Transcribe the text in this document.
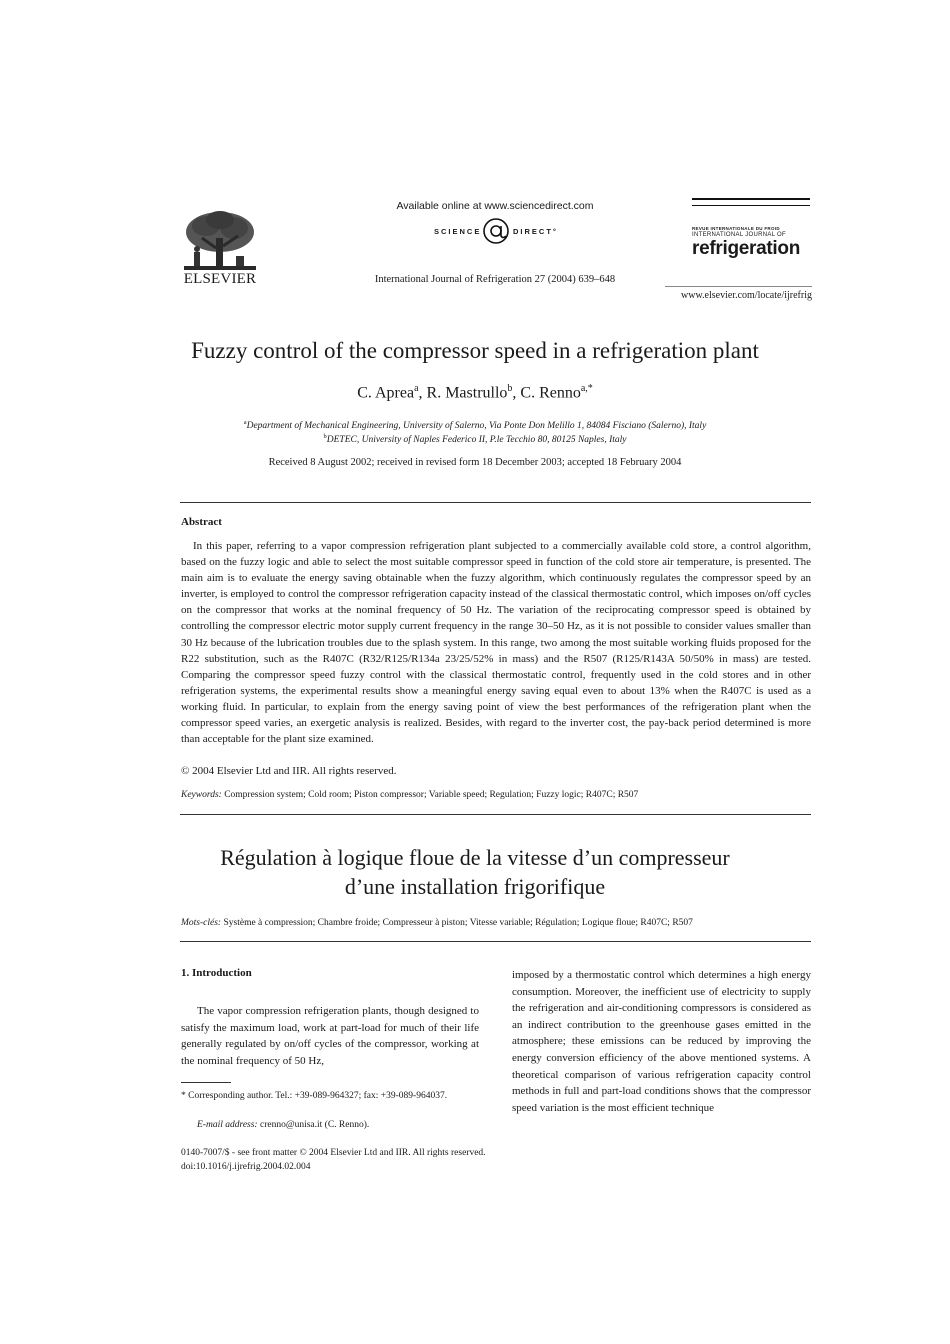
ELSEVIER
Available online at www.sciencedirect.com
SCIENCE	DIRECT°
International Journal of Refrigeration 27 (2004) 639–648
REVUE INTERNATIONALE DU FROID
INTERNATIONAL JOURNAL OF
refrigeration
www.elsevier.com/locate/ijrefrig
Fuzzy control of the compressor speed in a refrigeration plant
C. Aprea$^a$, R. Mastrullo$^b$, C. Renno$^{a,*}$
$^a$Department of Mechanical Engineering, University of Salerno, Via Ponte Don Melillo 1, 84084 Fisciano (Salerno), Italy
$^b$DETEC, University of Naples Federico II, P.le Tecchio 80, 80125 Naples, Italy
Received 8 August 2002; received in revised form 18 December 2003; accepted 18 February 2004
Abstract

In this paper, referring to a vapor compression refrigeration plant subjected to a commercially available cold store, a control algorithm, based on the fuzzy logic and able to select the most suitable compressor speed in function of the cold store air temperature, is presented. The main aim is to evaluate the energy saving obtainable when the fuzzy algorithm, which continuously regulates the compressor speed by an inverter, is employed to control the compressor refrigeration capacity instead of the classical thermostatic control, which imposes on/off cycles on the compressor that works at the nominal frequency of 50 Hz. The variation of the reciprocating compressor speed is obtained by controlling the compressor electric motor supply current frequency in the range 30–50 Hz, as it is not possible to consider values smaller than 30 Hz because of the lubrication troubles due to the splash system. In this range, two among the most suitable working fluids proposed for the R22 substitution, such as the R407C (R32/R125/R134a 23/25/52% in mass) and the R507 (R125/R143A 50/50% in mass) are tested. Comparing the compressor speed fuzzy control with the classical thermostatic control, frequently used in the cold stores and in other refrigeration systems, the experimental results show a meaningful energy saving equal even to about 13% when the R407C is used as a working fluid. In particular, to explain from the energy saving point of view the best performances of the refrigeration plant when the compressor speed varies, an exergetic analysis is realized. Besides, with regard to the inverter cost, the pay-back period determined is more than acceptable for the plant size examined.

© 2004 Elsevier Ltd and IIR. All rights reserved.
Keywords: Compression system; Cold room; Piston compressor; Variable speed; Regulation; Fuzzy logic; R407C; R507
Régulation à logique floue de la vitesse d’un compresseur
d’une installation frigorifique
Mots-clés: Système à compression; Chambre froide; Compresseur à piston; Vitesse variable; Régulation; Logique floue; R407C; R507
1. Introduction

The vapor compression refrigeration plants, though designed to satisfy the maximum load, work at part-load for much of their life generally regulated by on/off cycles of the compressor, working at the nominal frequency of 50 Hz,

* Corresponding author. Tel.: +39-089-964327; fax: +39-089-964037.

E-mail address: crenno@unisa.it (C. Renno).

imposed by a thermostatic control which determines a high energy consumption. Moreover, the inefficient use of electricity to supply the refrigeration and air-conditioning compressors is considered as an indirect contribution to the greenhouse gases emitted in the atmosphere; these emissions can be reduced by improving the energy conversion efficiency of the above mentioned systems. A theoretical comparison of various refrigeration capacity control methods in full and part-load conditions shows that the compressor speed variation is the most efficient technique

0140-7007/$ - see front matter © 2004 Elsevier Ltd and IIR. All rights reserved.
doi:10.1016/j.ijrefrig.2004.02.004
